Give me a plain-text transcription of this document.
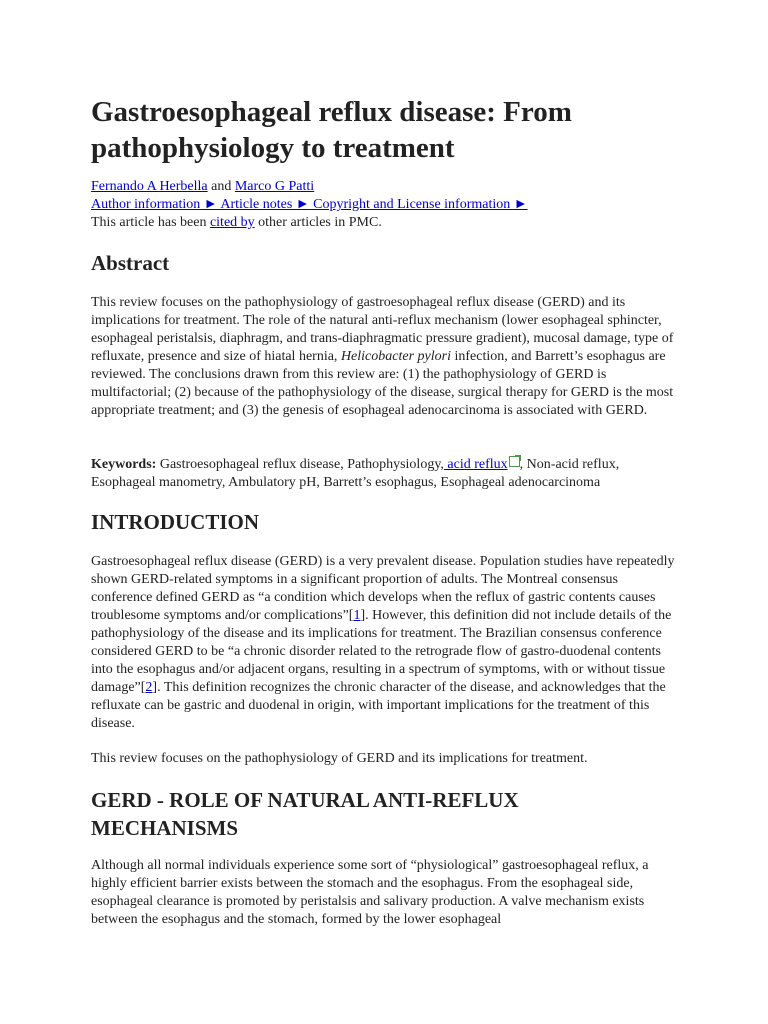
Gastroesophageal reflux disease: From pathophysiology to treatment
Fernando A Herbella and Marco G Patti
Author information ► Article notes ► Copyright and License information ►
This article has been cited by other articles in PMC.
Abstract

This review focuses on the pathophysiology of gastroesophageal reflux disease (GERD) and its implications for treatment. The role of the natural anti-reflux mechanism (lower esophageal sphincter, esophageal peristalsis, diaphragm, and trans-diaphragmatic pressure gradient), mucosal damage, type of refluxate, presence and size of hiatal hernia, Helicobacter pylori infection, and Barrett’s esophagus are reviewed. The conclusions drawn from this review are: (1) the pathophysiology of GERD is multifactorial; (2) because of the pathophysiology of the disease, surgical therapy for GERD is the most appropriate treatment; and (3) the genesis of esophageal adenocarcinoma is associated with GERD.

Keywords: Gastroesophageal reflux disease, Pathophysiology, acid reflux , Non-acid reflux, Esophageal manometry, Ambulatory pH, Barrett’s esophagus, Esophageal adenocarcinoma

INTRODUCTION

Gastroesophageal reflux disease (GERD) is a very prevalent disease. Population studies have repeatedly shown GERD-related symptoms in a significant proportion of adults. The Montreal consensus conference defined GERD as “a condition which develops when the reflux of gastric contents causes troublesome symptoms and/or complications”[1]. However, this definition did not include details of the pathophysiology of the disease and its implications for treatment. The Brazilian consensus conference considered GERD to be “a chronic disorder related to the retrograde flow of gastro-duodenal contents into the esophagus and/or adjacent organs, resulting in a spectrum of symptoms, with or without tissue damage”[2]. This definition recognizes the chronic character of the disease, and acknowledges that the refluxate can be gastric and duodenal in origin, with important implications for the treatment of this disease.

This review focuses on the pathophysiology of GERD and its implications for treatment.

GERD - ROLE OF NATURAL ANTI-REFLUX MECHANISMS

Although all normal individuals experience some sort of “physiological” gastroesophageal reflux, a highly efficient barrier exists between the stomach and the esophagus. From the esophageal side, esophageal clearance is promoted by peristalsis and salivary production. A valve mechanism exists between the esophagus and the stomach, formed by the lower esophageal
